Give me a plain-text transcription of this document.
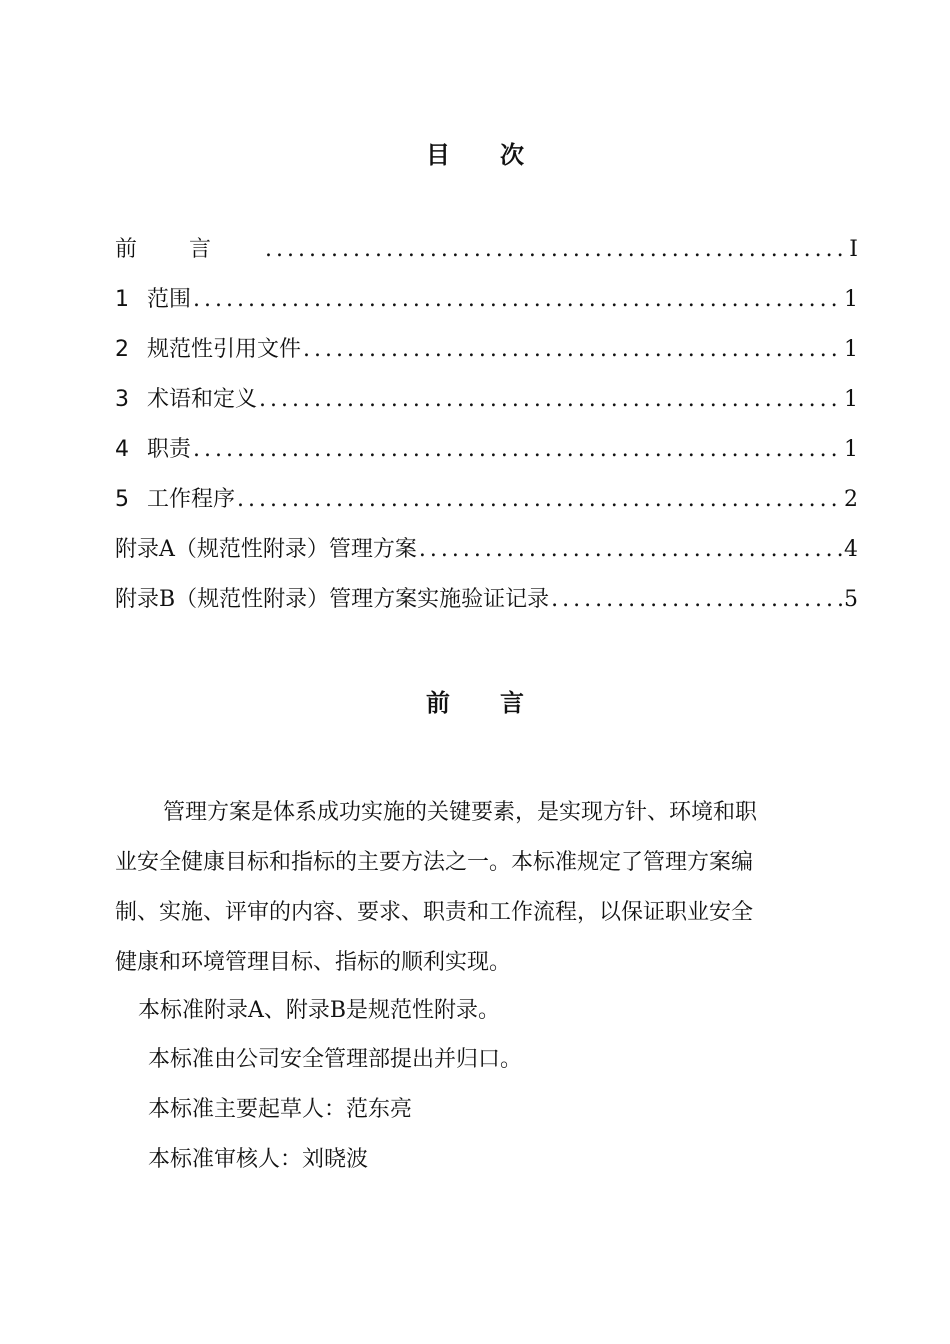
目次
前言 .....	I
1 范围 .....	1
2 规范性引用文件 .....	1
3 术语和定义 .....	1
4 职责 .....	1
5 工作程序 .....	2
附录A（规范性附录）管理方案 .....	4
附录B（规范性附录）管理方案实施验证记录 .....	5
前言

管理方案是体系成功实施的关键要素，是实现方针、环境和职

业安全健康目标和指标的主要方法之一。本标准规定了管理方案编

制、实施、评审的内容、要求、职责和工作流程，以保证职业安全

健康和环境管理目标、指标的顺利实现。

本标准附录A、附录B是规范性附录。

本标准由公司安全管理部提出并归口。

本标准主要起草人：范东亮

本标准审核人：刘晓波
